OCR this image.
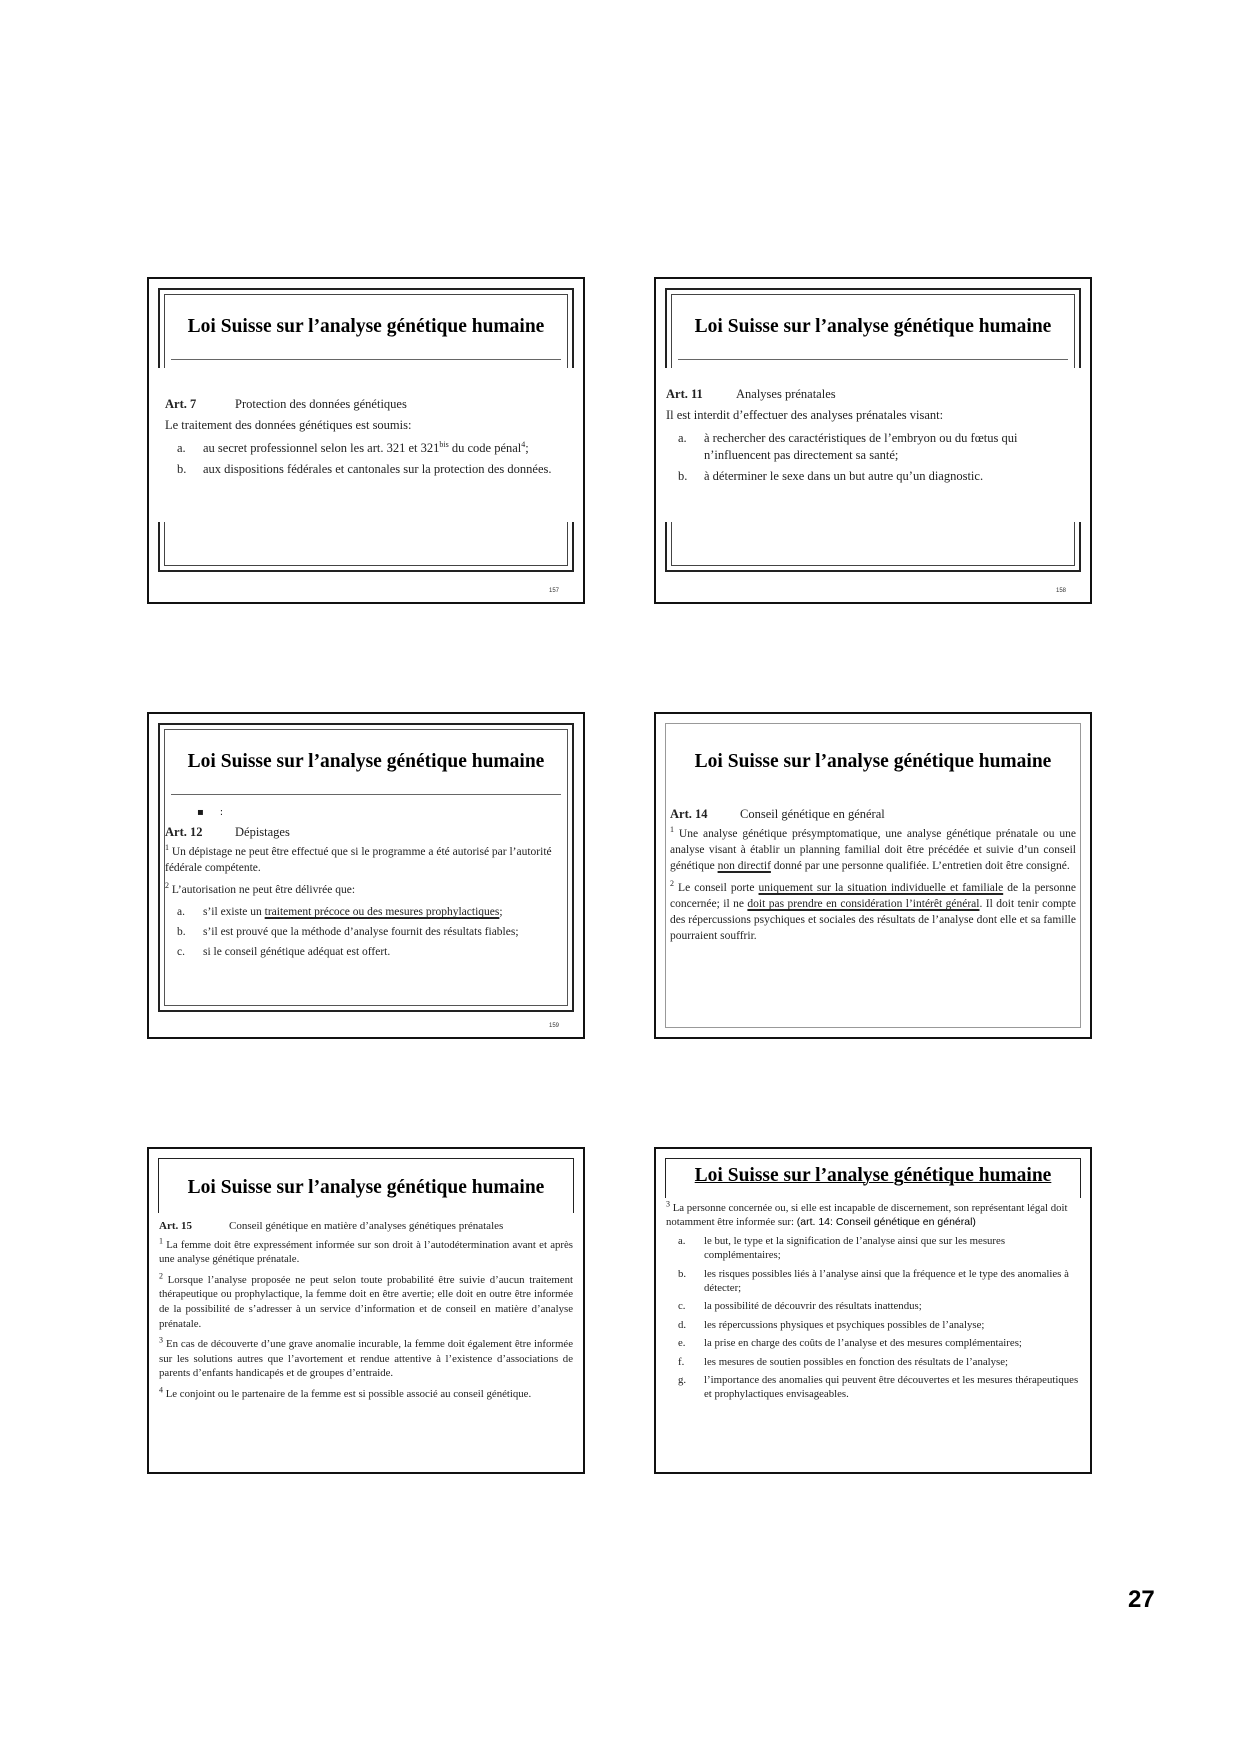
Loi Suisse sur l’analyse génétique humaine
Art. 7	Protection des données génétiques

Le traitement des données génétiques est soumis:

a.	au secret professionnel selon les art. 321 et $321^{bis}$ du code pénal$^4$;
b.	aux dispositions fédérales et cantonales sur la protection des données.
157
Loi Suisse sur l’analyse génétique humaine
Art. 11	Analyses prénatales

Il est interdit d’effectuer des analyses prénatales visant:

a.	à rechercher des caractéristiques de l’embryon ou du fœtus qui n’influencent pas directement sa santé;
b.	à déterminer le sexe dans un but autre qu’un diagnostic.
158
Loi Suisse sur l’analyse génétique humaine
▪ :
Art. 12	Dépistages

$^1$ Un dépistage ne peut être effectué que si le programme a été autorisé par l’autorité fédérale compétente.

$^2$ L’autorisation ne peut être délivrée que:

a.	s’il existe un traitement précoce ou des mesures prophylactiques;
b.	s’il est prouvé que la méthode d’analyse fournit des résultats fiables;
c.	si le conseil génétique adéquat est offert.
159
Loi Suisse sur l’analyse génétique humaine
Art. 14	Conseil génétique en général

$^1$ Une analyse génétique présymptomatique, une analyse génétique prénatale ou une analyse visant à établir un planning familial doit être précédée et suivie d’un conseil génétique non directif donné par une personne qualifiée. L’entretien doit être consigné.

$^2$ Le conseil porte uniquement sur la situation individuelle et familiale de la personne concernée; il ne doit pas prendre en considération l’intérêt général. Il doit tenir compte des répercussions psychiques et sociales des résultats de l’analyse dont elle et sa famille pourraient souffrir.

Loi Suisse sur l’analyse génétique humaine
Art. 15	Conseil génétique en matière d’analyses génétiques prénatales

$^1$ La femme doit être expressément informée sur son droit à l’autodétermination avant et après une analyse génétique prénatale.

$^2$ Lorsque l’analyse proposée ne peut selon toute probabilité être suivie d’aucun traitement thérapeutique ou prophylactique, la femme doit en être avertie; elle doit en outre être informée de la possibilité de s’adresser à un service d’information et de conseil en matière d’analyse prénatale.

$^3$ En cas de découverte d’une grave anomalie incurable, la femme doit également être informée sur les solutions autres que l’avortement et rendue attentive à l’existence d’associations de parents d’enfants handicapés et de groupes d’entraide.

$^4$ Le conjoint ou le partenaire de la femme est si possible associé au conseil génétique.

Loi Suisse sur l’analyse génétique humaine

$^3$ La personne concernée ou, si elle est incapable de discernement, son représentant légal doit notamment être informée sur: (art. 14: Conseil génétique en général)

a.	le but, le type et la signification de l’analyse ainsi que sur les mesures complémentaires;
b.	les risques possibles liés à l’analyse ainsi que la fréquence et le type des anomalies à détecter;
c.	la possibilité de découvrir des résultats inattendus;
d.	les répercussions physiques et psychiques possibles de l’analyse;
e.	la prise en charge des coûts de l’analyse et des mesures complémentaires;
f.	les mesures de soutien possibles en fonction des résultats de l’analyse;
g.	l’importance des anomalies qui peuvent être découvertes et les mesures thérapeutiques et prophylactiques envisageables.
27
